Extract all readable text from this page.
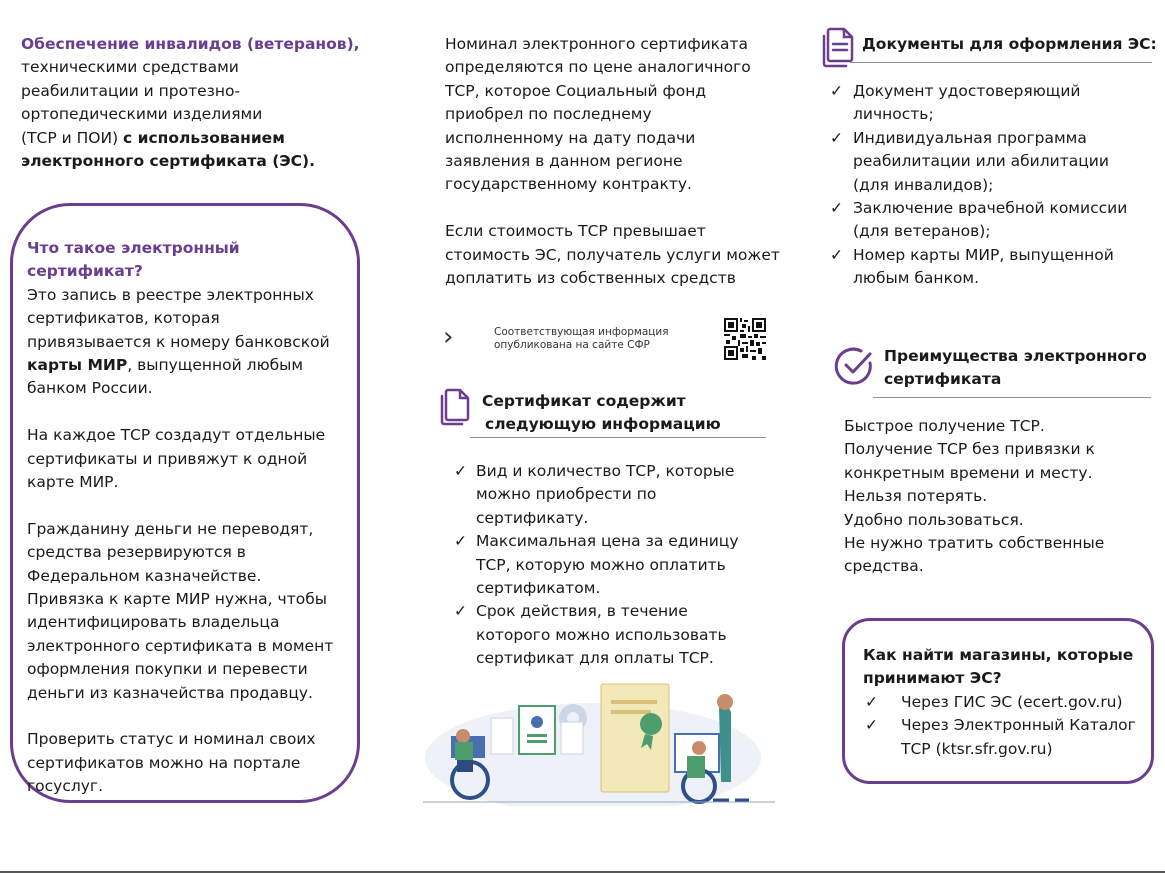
Обеспечение инвалидов (ветеранов),
техническими средствами
реабилитации и протезно-
ортопедическими изделиями
(ТСР и ПОИ) с использованием
электронного сертификата (ЭС).
Что такое электронный сертификат?
Это запись в реестре электронных
сертификатов, которая
привязывается к номеру банковской
карты МИР, выпущенной любым
банком России.
На каждое ТСР создадут отдельные
сертификаты и привяжут к одной
карте МИР.
Гражданину деньги не переводят,
средства резервируются в
Федеральном казначействе.
Привязка к карте МИР нужна, чтобы
идентифицировать владельца
электронного сертификата в момент
оформления покупки и перевести
деньги из казначейства продавцу.
Проверить статус и номинал своих
сертификатов можно на портале
госуслуг.
Номинал электронного сертификата
определяются по цене аналогичного
ТСР, которое Социальный фонд
приобрел по последнему
исполненному на дату подачи
заявления в данном регионе
государственному контракту.
Если стоимость ТСР превышает
стоимость ЭС, получатель услуги может
доплатить из собственных средств
›	Соответствующая информация
опубликована на сайте СФР
Сертификат содержит
следующую информацию
✓ Вид и количество ТСР, которые
можно приобрести по
сертификату.
✓ Максимальная цена за единицу
ТСР, которую можно оплатить
сертификатом.
✓ Срок действия, в течение
которого можно использовать
сертификат для оплаты ТСР.
Документы для оформления ЭС:
✓ Документ удостоверяющий
личность;
✓ Индивидуальная программа
реабилитации или абилитации
(для инвалидов);
✓ Заключение врачебной комиссии
(для ветеранов);
✓ Номер карты МИР, выпущенной
любым банком.
Преимущества электронного
сертификата
Быстрое получение ТСР.
Получение ТСР без привязки к
конкретным времени и месту.
Нельзя потерять.
Удобно пользоваться.
Не нужно тратить собственные
средства.
Как найти магазины, которые
принимают ЭС?
✓ Через ГИС ЭС (ecert.gov.ru)
✓ Через Электронный Каталог
ТСР (ktsr.sfr.gov.ru)
